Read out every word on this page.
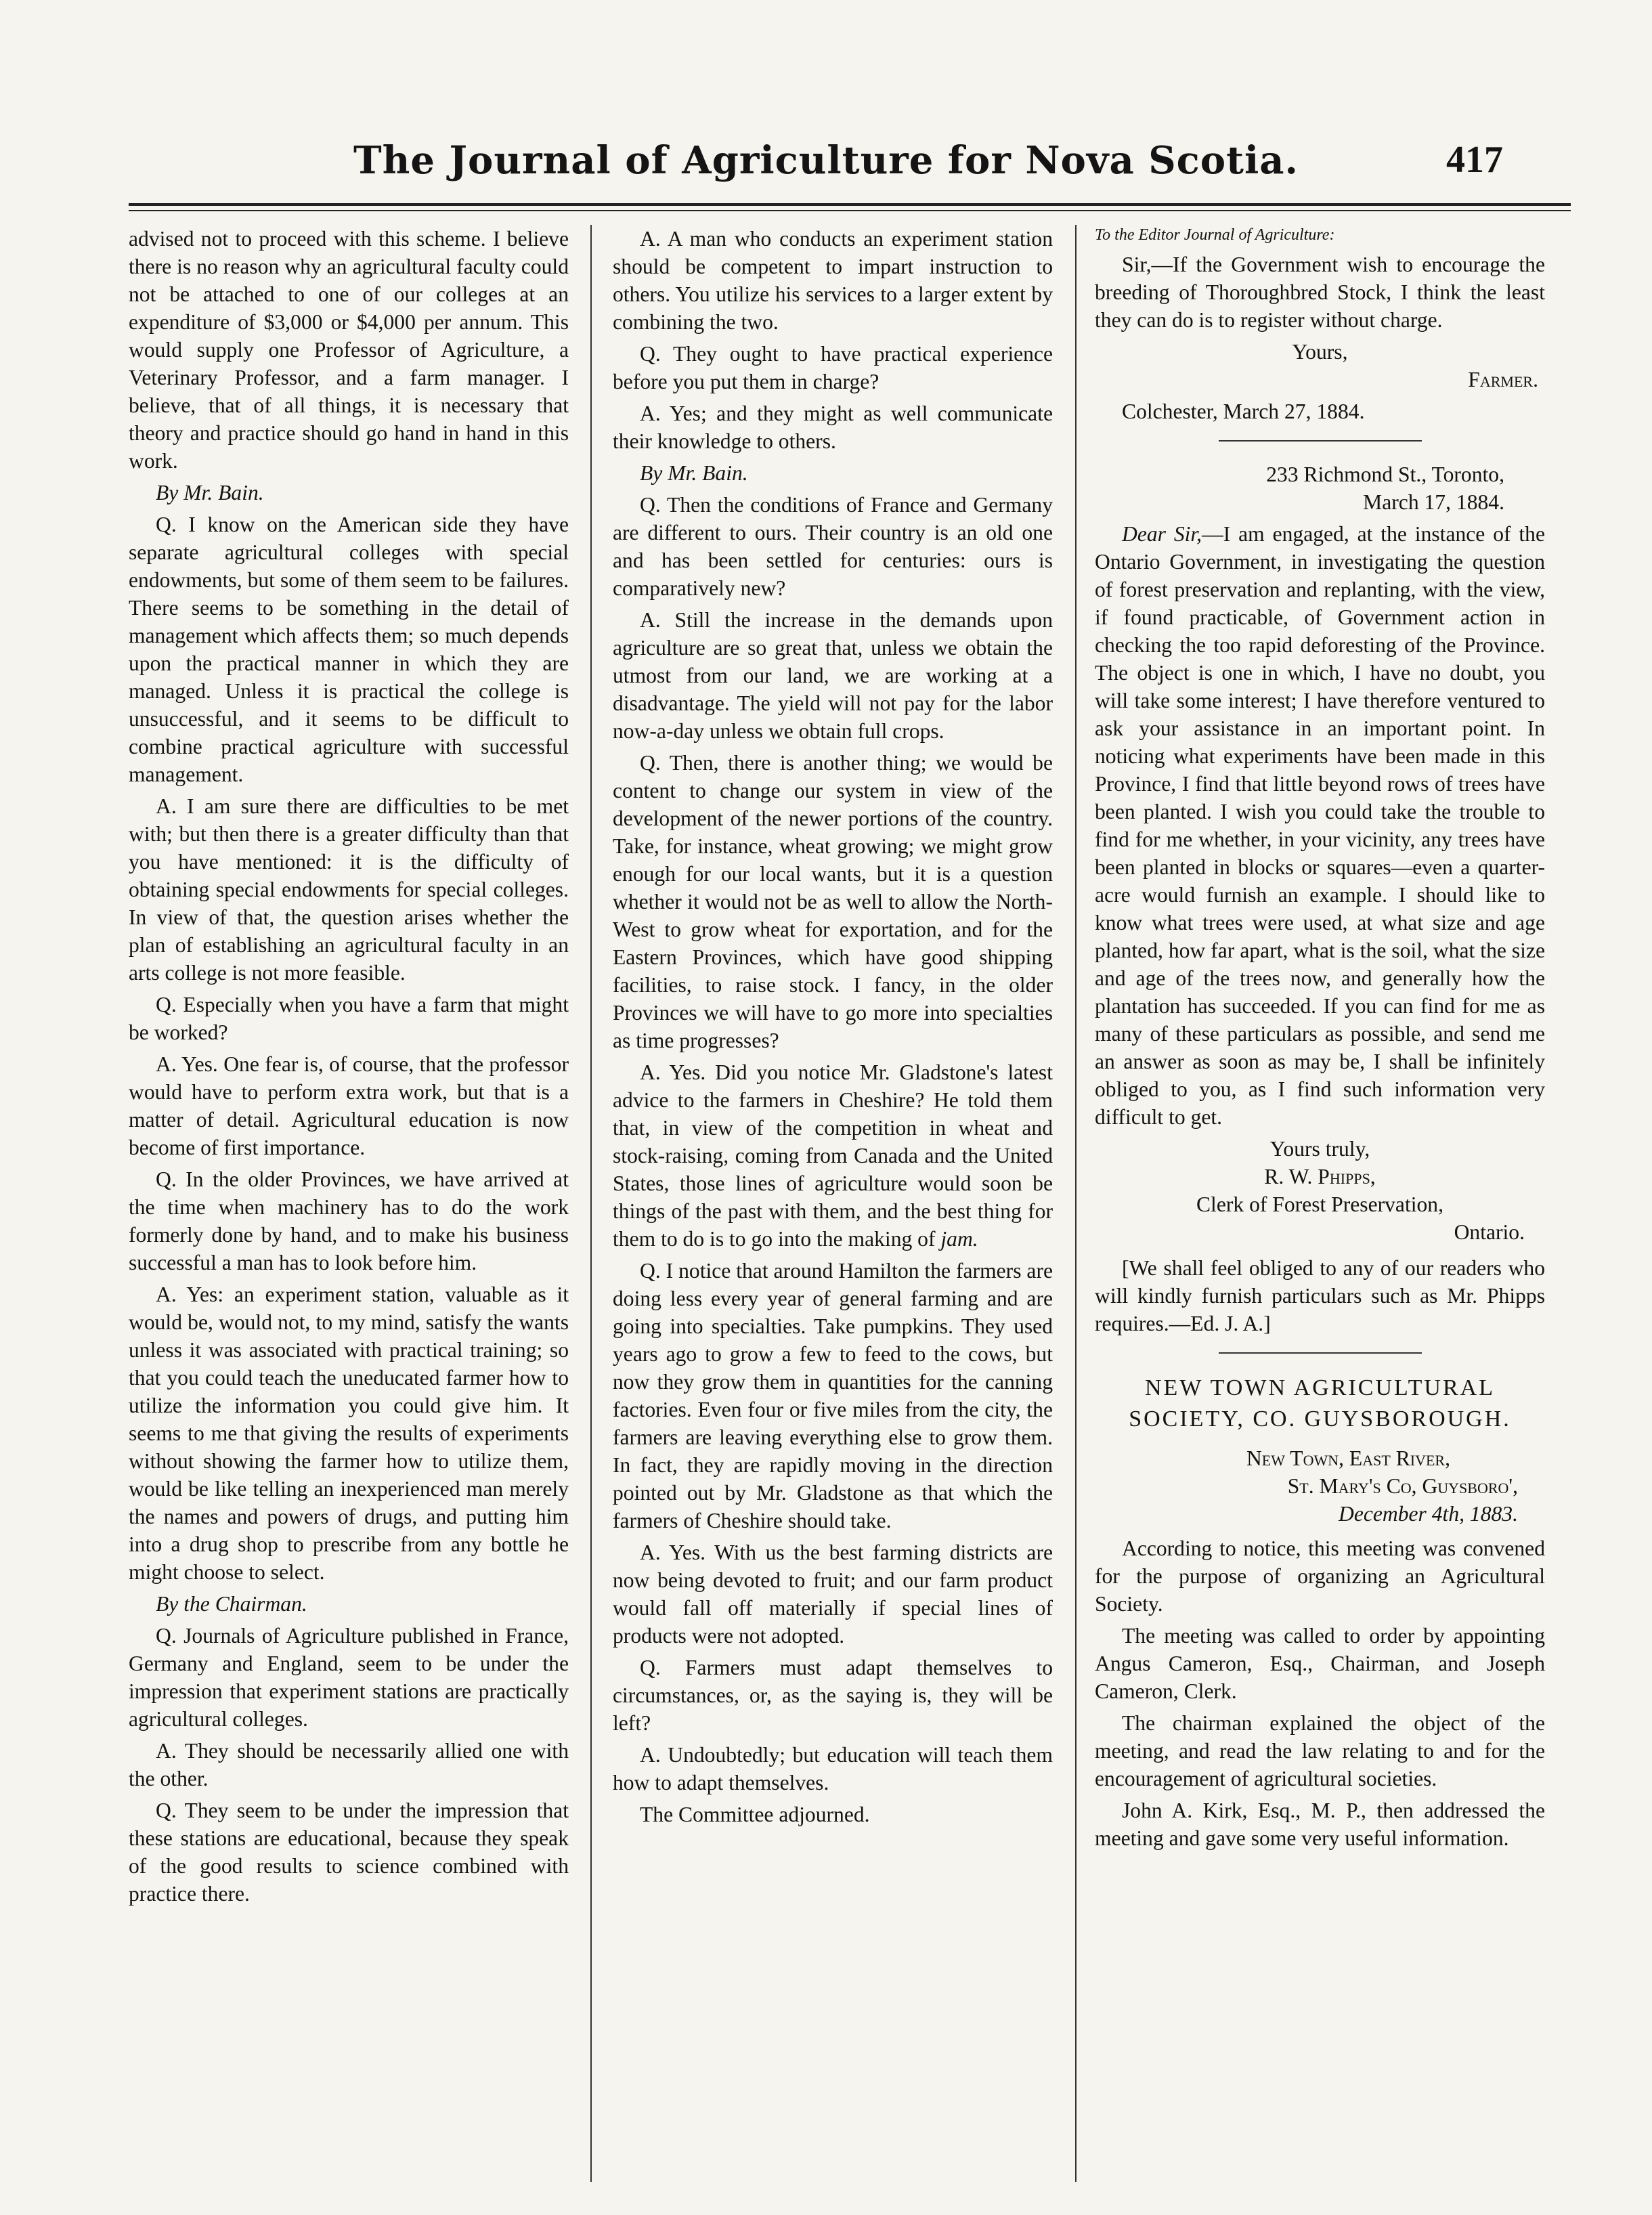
The Journal of Agriculture for Nova Scotia.	417

advised not to proceed with this scheme. I believe there is no reason why an agricultural faculty could not be attached to one of our colleges at an expenditure of $3,000 or $4,000 per annum. This would supply one Professor of Agriculture, a Veterinary Professor, and a farm manager. I believe, that of all things, it is necessary that theory and practice should go hand in hand in this work.

By Mr. Bain.

Q. I know on the American side they have separate agricultural colleges with special endowments, but some of them seem to be failures. There seems to be something in the detail of management which affects them; so much depends upon the practical manner in which they are managed. Unless it is practical the college is unsuccessful, and it seems to be difficult to combine practical agriculture with successful management.

A. I am sure there are difficulties to be met with; but then there is a greater difficulty than that you have mentioned: it is the difficulty of obtaining special endowments for special colleges. In view of that, the question arises whether the plan of establishing an agricultural faculty in an arts college is not more feasible.

Q. Especially when you have a farm that might be worked?

A. Yes. One fear is, of course, that the professor would have to perform extra work, but that is a matter of detail. Agricultural education is now become of first importance.

Q. In the older Provinces, we have arrived at the time when machinery has to do the work formerly done by hand, and to make his business successful a man has to look before him.

A. Yes: an experiment station, valuable as it would be, would not, to my mind, satisfy the wants unless it was associated with practical training; so that you could teach the uneducated farmer how to utilize the information you could give him. It seems to me that giving the results of experiments without showing the farmer how to utilize them, would be like telling an inexperienced man merely the names and powers of drugs, and putting him into a drug shop to prescribe from any bottle he might choose to select.

By the Chairman.

Q. Journals of Agriculture published in France, Germany and England, seem to be under the impression that experiment stations are practically agricultural colleges.

A. They should be necessarily allied one with the other.

Q. They seem to be under the impression that these stations are educational, because they speak of the good results to science combined with practice there.

A. A man who conducts an experiment station should be competent to impart instruction to others. You utilize his services to a larger extent by combining the two.

Q. They ought to have practical experience before you put them in charge?

A. Yes; and they might as well communicate their knowledge to others.

By Mr. Bain.

Q. Then the conditions of France and Germany are different to ours. Their country is an old one and has been settled for centuries: ours is comparatively new?

A. Still the increase in the demands upon agriculture are so great that, unless we obtain the utmost from our land, we are working at a disadvantage. The yield will not pay for the labor now-a-day unless we obtain full crops.

Q. Then, there is another thing; we would be content to change our system in view of the development of the newer portions of the country. Take, for instance, wheat growing; we might grow enough for our local wants, but it is a question whether it would not be as well to allow the North-West to grow wheat for exportation, and for the Eastern Provinces, which have good shipping facilities, to raise stock. I fancy, in the older Provinces we will have to go more into specialties as time progresses?

A. Yes. Did you notice Mr. Gladstone's latest advice to the farmers in Cheshire? He told them that, in view of the competition in wheat and stock-raising, coming from Canada and the United States, those lines of agriculture would soon be things of the past with them, and the best thing for them to do is to go into the making of jam.

Q. I notice that around Hamilton the farmers are doing less every year of general farming and are going into specialties. Take pumpkins. They used years ago to grow a few to feed to the cows, but now they grow them in quantities for the canning factories. Even four or five miles from the city, the farmers are leaving everything else to grow them. In fact, they are rapidly moving in the direction pointed out by Mr. Gladstone as that which the farmers of Cheshire should take.

A. Yes. With us the best farming districts are now being devoted to fruit; and our farm product would fall off materially if special lines of products were not adopted.

Q. Farmers must adapt themselves to circumstances, or, as the saying is, they will be left?

A. Undoubtedly; but education will teach them how to adapt themselves.

The Committee adjourned.

To the Editor Journal of Agriculture:

Sir,—If the Government wish to encourage the breeding of Thoroughbred Stock, I think the least they can do is to register without charge.

Yours,

Farmer.

Colchester, March 27, 1884.

233 Richmond St., Toronto,

March 17, 1884.

Dear Sir,—I am engaged, at the instance of the Ontario Government, in investigating the question of forest preservation and replanting, with the view, if found practicable, of Government action in checking the too rapid deforesting of the Province. The object is one in which, I have no doubt, you will take some interest; I have therefore ventured to ask your assistance in an important point. In noticing what experiments have been made in this Province, I find that little beyond rows of trees have been planted. I wish you could take the trouble to find for me whether, in your vicinity, any trees have been planted in blocks or squares—even a quarter-acre would furnish an example. I should like to know what trees were used, at what size and age planted, how far apart, what is the soil, what the size and age of the trees now, and generally how the plantation has succeeded. If you can find for me as many of these particulars as possible, and send me an answer as soon as may be, I shall be infinitely obliged to you, as I find such information very difficult to get.

Yours truly,

R. W. Phipps,

Clerk of Forest Preservation,

Ontario.

[We shall feel obliged to any of our readers who will kindly furnish particulars such as Mr. Phipps requires.—Ed. J. A.]

NEW TOWN AGRICULTURAL SOCIETY, CO. GUYSBOROUGH.

New Town, East River,

St. Mary's Co, Guysboro',

December 4th, 1883.

According to notice, this meeting was convened for the purpose of organizing an Agricultural Society.

The meeting was called to order by appointing Angus Cameron, Esq., Chairman, and Joseph Cameron, Clerk.

The chairman explained the object of the meeting, and read the law relating to and for the encouragement of agricultural societies.

John A. Kirk, Esq., M. P., then addressed the meeting and gave some very useful information.
